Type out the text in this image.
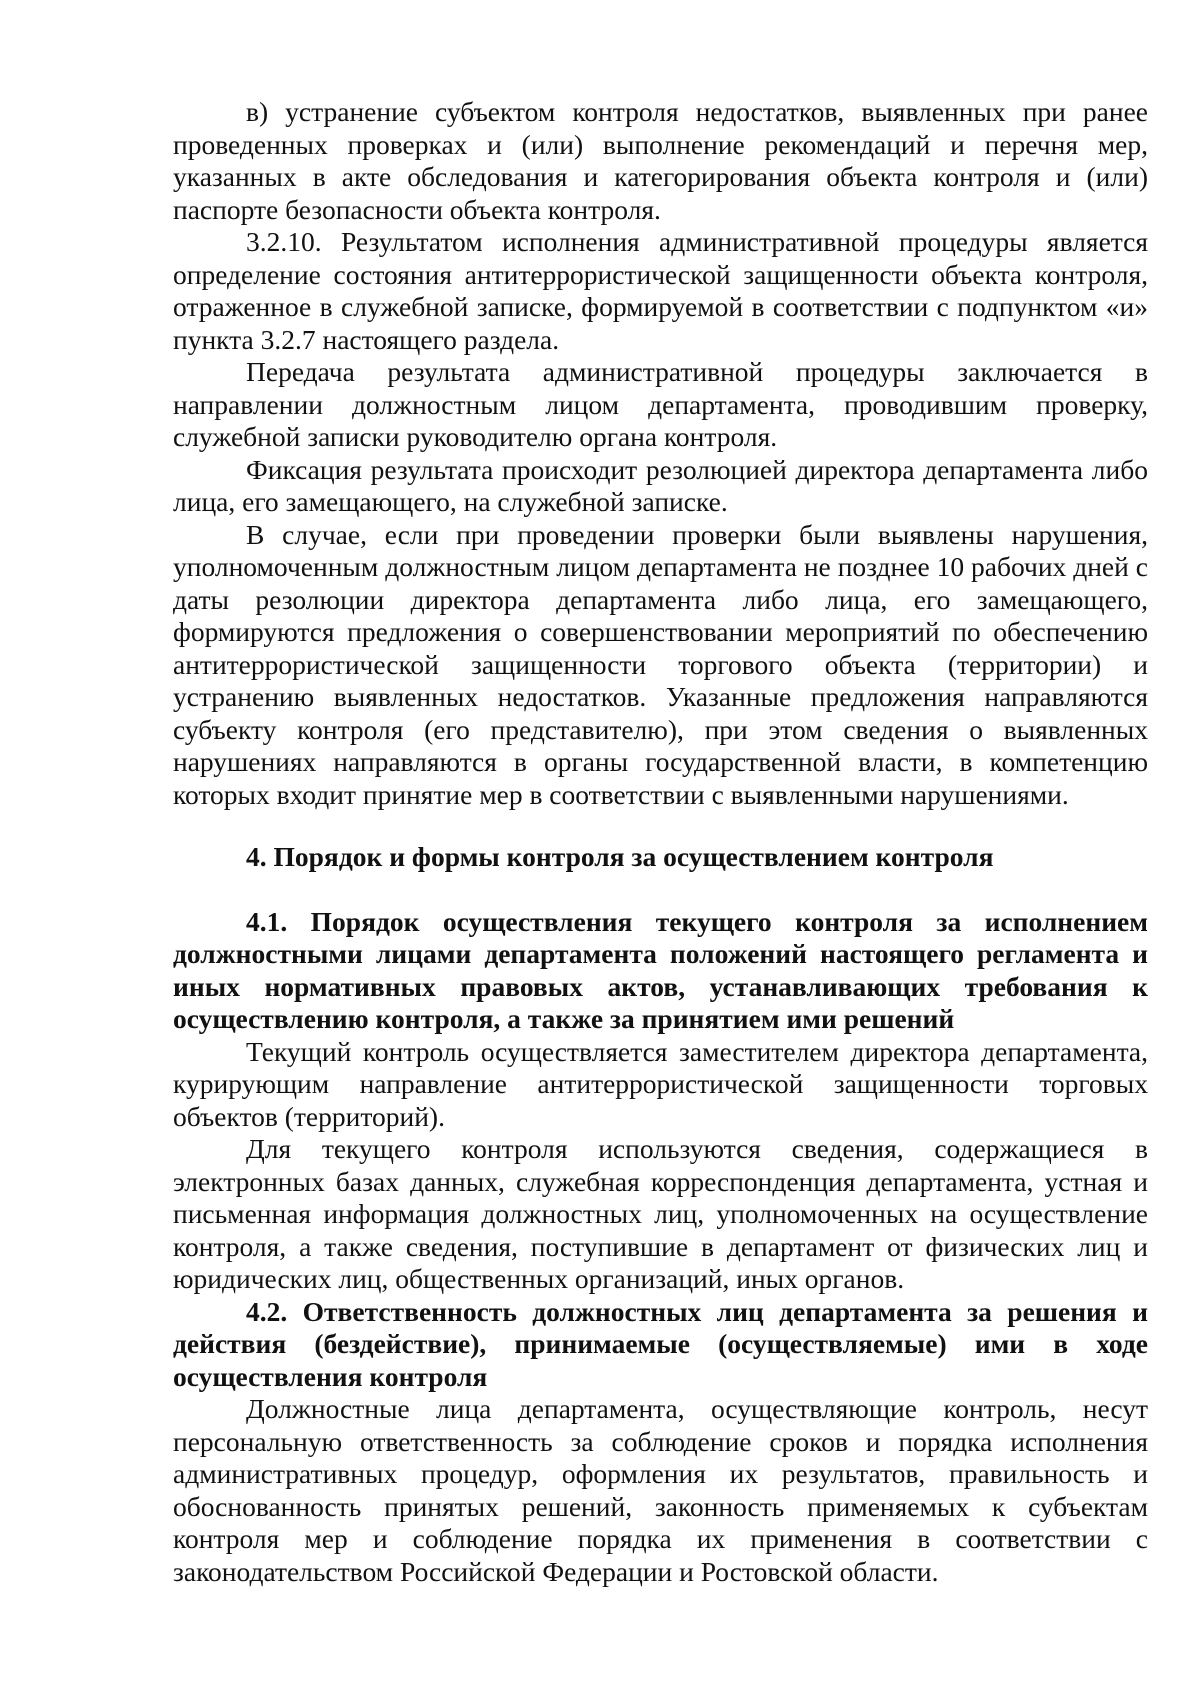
в) устранение субъектом контроля недостатков, выявленных при ранее проведенных проверках и (или) выполнение рекомендаций и перечня мер, указанных в акте обследования и категорирования объекта контроля и (или) паспорте безопасности объекта контроля.

3.2.10. Результатом исполнения административной процедуры является определение состояния антитеррористической защищенности объекта контроля, отраженное в служебной записке, формируемой в соответствии с подпунктом «и» пункта 3.2.7 настоящего раздела.

Передача результата административной процедуры заключается в направлении должностным лицом департамента, проводившим проверку, служебной записки руководителю органа контроля.

Фиксация результата происходит резолюцией директора департамента либо лица, его замещающего, на служебной записке.

В случае, если при проведении проверки были выявлены нарушения, уполномоченным должностным лицом департамента не позднее 10 рабочих дней с даты резолюции директора департамента либо лица, его замещающего, формируются предложения о совершенствовании мероприятий по обеспечению антитеррористической защищенности торгового объекта (территории) и устранению выявленных недостатков. Указанные предложения направляются субъекту контроля (его представителю), при этом сведения о выявленных нарушениях направляются в органы государственной власти, в компетенцию которых входит принятие мер в соответствии с выявленными нарушениями.

4. Порядок и формы контроля за осуществлением контроля
4.1. Порядок осуществления текущего контроля за исполнением должностными лицами департамента положений настоящего регламента и иных нормативных правовых актов, устанавливающих требования к осуществлению контроля, а также за принятием ими решений

Текущий контроль осуществляется заместителем директора департамента, курирующим направление антитеррористической защищенности торговых объектов (территорий).

Для текущего контроля используются сведения, содержащиеся в электронных базах данных, служебная корреспонденция департамента, устная и письменная информация должностных лиц, уполномоченных на осуществление контроля, а также сведения, поступившие в департамент от физических лиц и юридических лиц, общественных организаций, иных органов.

4.2. Ответственность должностных лиц департамента за решения и действия (бездействие), принимаемые (осуществляемые) ими в ходе осуществления контроля

Должностные лица департамента, осуществляющие контроль, несут персональную ответственность за соблюдение сроков и порядка исполнения административных процедур, оформления их результатов, правильность и обоснованность принятых решений, законность применяемых к субъектам контроля мер и соблюдение порядка их применения в соответствии с законодательством Российской Федерации и Ростовской области.
